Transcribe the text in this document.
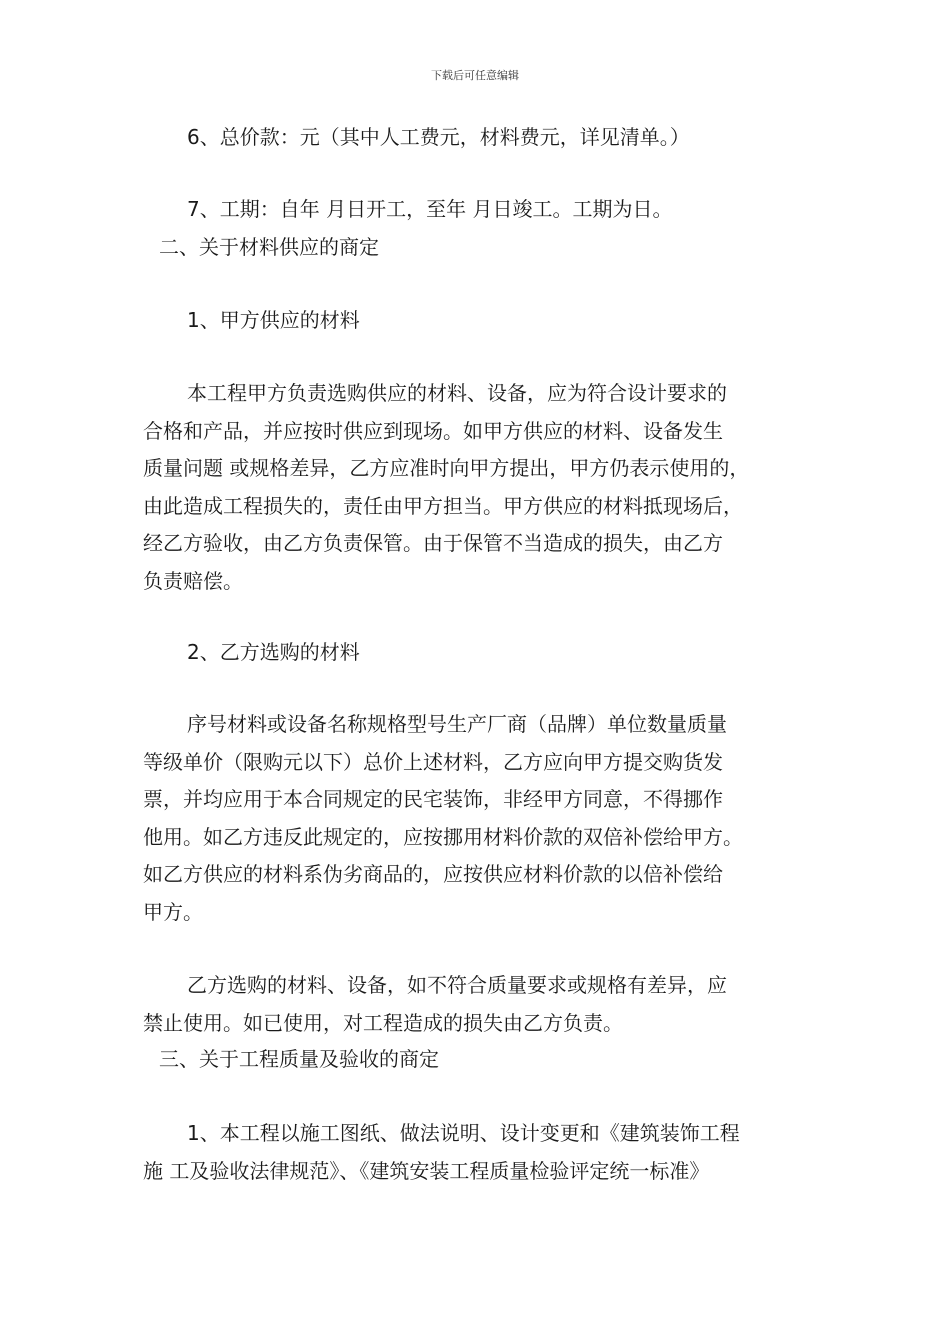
下载后可任意编辑
6、总价款：元（其中人工费元，材料费元，详见清单。）
7、工期：自年 月日开工，至年 月日竣工。工期为日。
二、关于材料供应的商定
1、甲方供应的材料
本工程甲方负责选购供应的材料、设备，应为符合设计要求的
合格和产品，并应按时供应到现场。如甲方供应的材料、设备发生
质量问题 或规格差异，乙方应准时向甲方提出，甲方仍表示使用的，
由此造成工程损失的，责任由甲方担当。甲方供应的材料抵现场后，
经乙方验收，由乙方负责保管。由于保管不当造成的损失，由乙方
负责赔偿。
2、乙方选购的材料
序号材料或设备名称规格型号生产厂商（品牌）单位数量质量
等级单价（限购元以下）总价上述材料，乙方应向甲方提交购货发
票，并均应用于本合同规定的民宅装饰，非经甲方同意，不得挪作
他用。如乙方违反此规定的，应按挪用材料价款的双倍补偿给甲方。
如乙方供应的材料系伪劣商品的，应按供应材料价款的以倍补偿给
甲方。
乙方选购的材料、设备，如不符合质量要求或规格有差异，应
禁止使用。如已使用，对工程造成的损失由乙方负责。
三、关于工程质量及验收的商定
1、本工程以施工图纸、做法说明、设计变更和《建筑装饰工程
施 工及验收法律规范》、《建筑安装工程质量检验评定统一标准》
